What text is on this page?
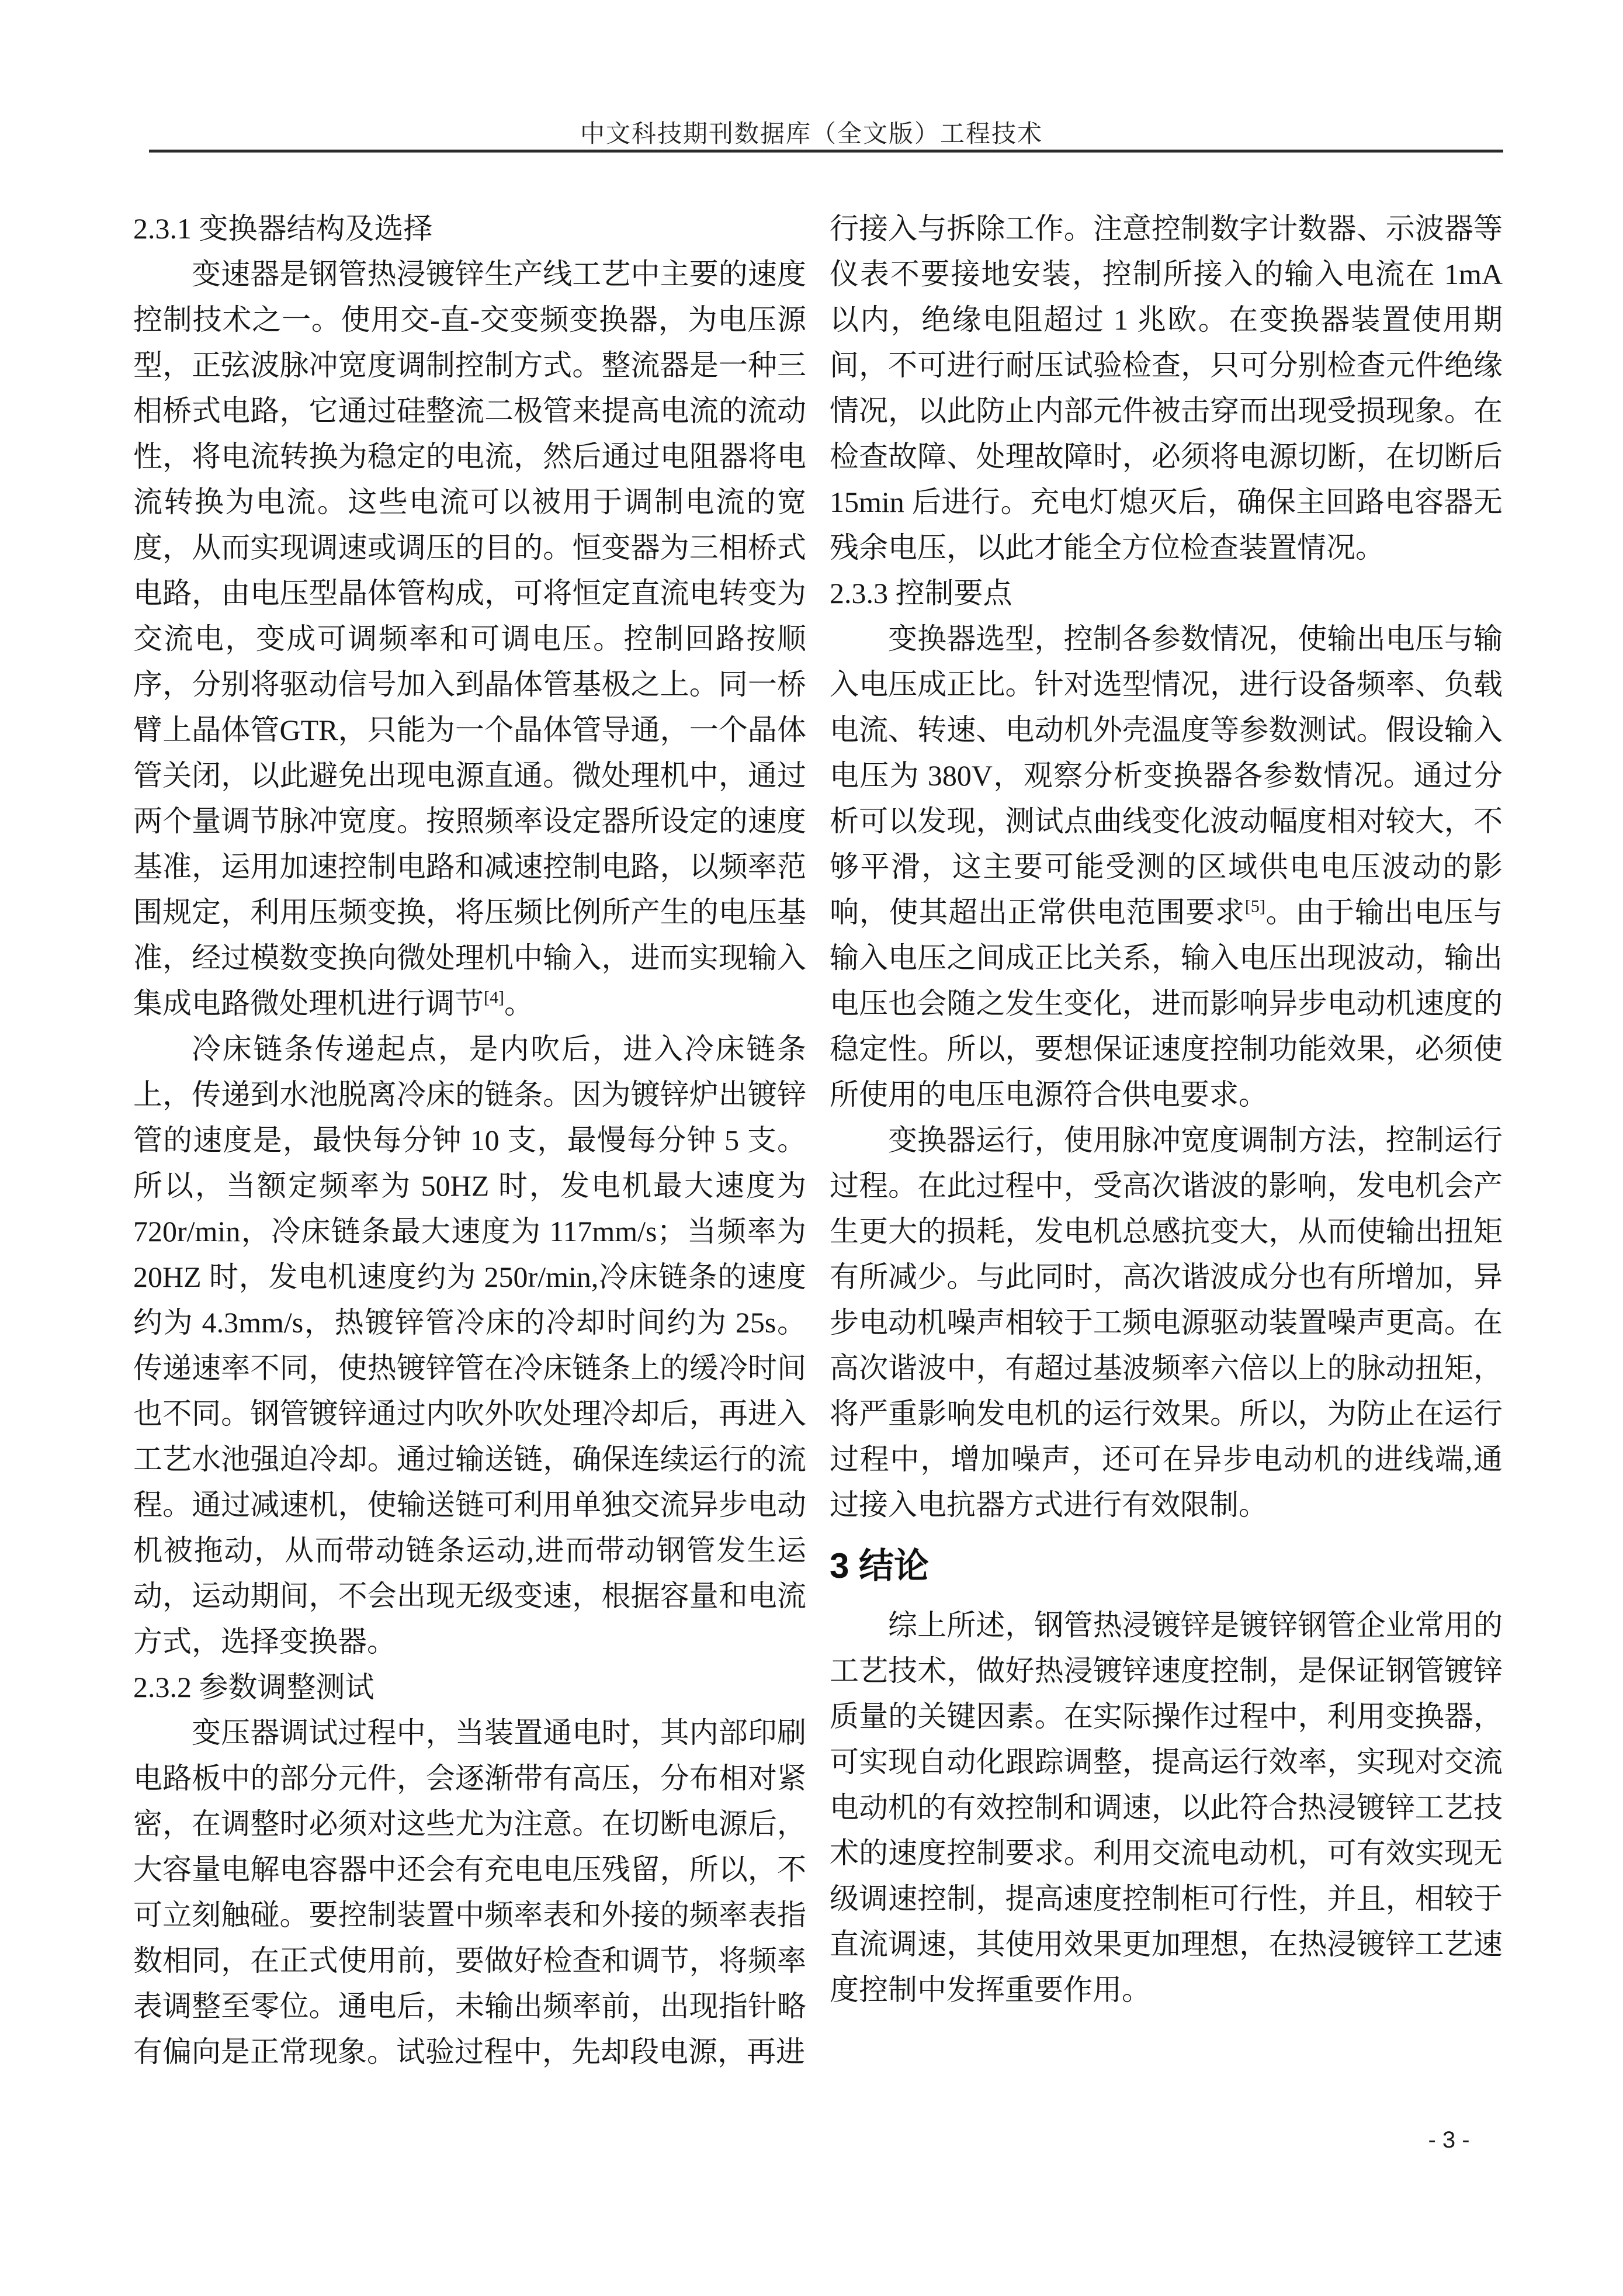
中文科技期刊数据库（全文版）工程技术
2.3.1 变换器结构及选择

变速器是钢管热浸镀锌生产线工艺中主要的速度控制技术之一。使用交-直-交变频变换器，为电压源型，正弦波脉冲宽度调制控制方式。整流器是一种三相桥式电路，它通过硅整流二极管来提高电流的流动性，将电流转换为稳定的电流，然后通过电阻器将电流转换为电流。这些电流可以被用于调制电流的宽度，从而实现调速或调压的目的。恒变器为三相桥式电路，由电压型晶体管构成，可将恒定直流电转变为交流电，变成可调频率和可调电压。控制回路按顺序，分别将驱动信号加入到晶体管基极之上。同一桥臂上晶体管GTR，只能为一个晶体管导通，一个晶体管关闭，以此避免出现电源直通。微处理机中，通过两个量调节脉冲宽度。按照频率设定器所设定的速度基准，运用加速控制电路和减速控制电路，以频率范围规定，利用压频变换，将压频比例所产生的电压基准，经过模数变换向微处理机中输入，进而实现输入集成电路微处理机进行调节[4]。

冷床链条传递起点，是内吹后，进入冷床链条上，传递到水池脱离冷床的链条。因为镀锌炉出镀锌管的速度是，最快每分钟 10 支，最慢每分钟 5 支。所以，当额定频率为 50HZ 时，发电机最大速度为 720r/min，冷床链条最大速度为 117mm/s；当频率为 20HZ 时，发电机速度约为 250r/min,冷床链条的速度约为 4.3mm/s，热镀锌管冷床的冷却时间约为 25s。传递速率不同，使热镀锌管在冷床链条上的缓冷时间也不同。钢管镀锌通过内吹外吹处理冷却后，再进入工艺水池强迫冷却。通过输送链，确保连续运行的流程。通过减速机，使输送链可利用单独交流异步电动机被拖动，从而带动链条运动,进而带动钢管发生运动，运动期间，不会出现无级变速，根据容量和电流方式，选择变换器。

2.3.2 参数调整测试

变压器调试过程中，当装置通电时，其内部印刷电路板中的部分元件，会逐渐带有高压，分布相对紧密，在调整时必须对这些尤为注意。在切断电源后，大容量电解电容器中还会有充电电压残留，所以，不可立刻触碰。要控制装置中频率表和外接的频率表指数相同，在正式使用前，要做好检查和调节，将频率表调整至零位。通电后，未输出频率前，出现指针略有偏向是正常现象。试验过程中，先却段电源，再进

行接入与拆除工作。注意控制数字计数器、示波器等仪表不要接地安装，控制所接入的输入电流在 1mA 以内，绝缘电阻超过 1 兆欧。在变换器装置使用期间，不可进行耐压试验检查，只可分别检查元件绝缘情况，以此防止内部元件被击穿而出现受损现象。在检查故障、处理故障时，必须将电源切断，在切断后 15min 后进行。充电灯熄灭后，确保主回路电容器无残余电压，以此才能全方位检查装置情况。

2.3.3 控制要点

变换器选型，控制各参数情况，使输出电压与输入电压成正比。针对选型情况，进行设备频率、负载电流、转速、电动机外壳温度等参数测试。假设输入电压为 380V，观察分析变换器各参数情况。通过分析可以发现，测试点曲线变化波动幅度相对较大，不够平滑，这主要可能受测的区域供电电压波动的影响，使其超出正常供电范围要求[5]。由于输出电压与输入电压之间成正比关系，输入电压出现波动，输出电压也会随之发生变化，进而影响异步电动机速度的稳定性。所以，要想保证速度控制功能效果，必须使所使用的电压电源符合供电要求。

变换器运行，使用脉冲宽度调制方法，控制运行过程。在此过程中，受高次谐波的影响，发电机会产生更大的损耗，发电机总感抗变大，从而使输出扭矩有所减少。与此同时，高次谐波成分也有所增加，异步电动机噪声相较于工频电源驱动装置噪声更高。在高次谐波中，有超过基波频率六倍以上的脉动扭矩，将严重影响发电机的运行效果。所以，为防止在运行过程中，增加噪声，还可在异步电动机的进线端,通过接入电抗器方式进行有效限制。

3 结论

综上所述，钢管热浸镀锌是镀锌钢管企业常用的工艺技术，做好热浸镀锌速度控制，是保证钢管镀锌质量的关键因素。在实际操作过程中，利用变换器，可实现自动化跟踪调整，提高运行效率，实现对交流电动机的有效控制和调速，以此符合热浸镀锌工艺技术的速度控制要求。利用交流电动机，可有效实现无级调速控制，提高速度控制柜可行性，并且，相较于直流调速，其使用效果更加理想，在热浸镀锌工艺速度控制中发挥重要作用。

- 3 -
